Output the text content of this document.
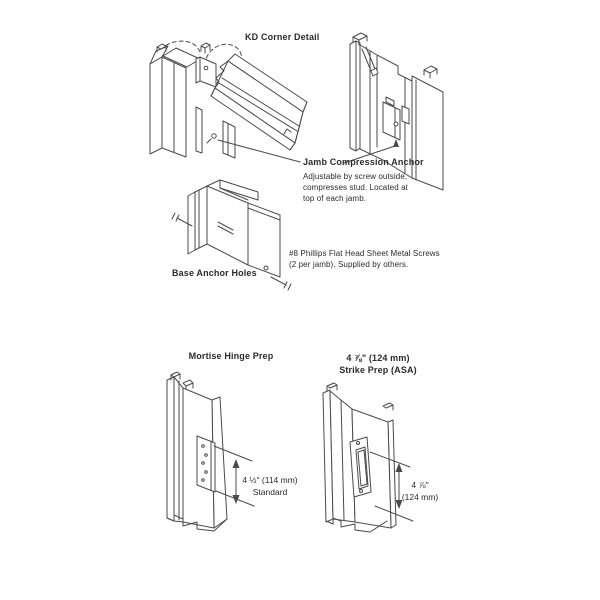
KD Corner Detail
Jamb Compression Anchor
Adjustable by screw outside,
compresses stud. Located at
top of each jamb.
#8 Phillips Flat Head Sheet Metal Screws
(2 per jamb). Supplied by others.
Base Anchor Holes
Mortise Hinge Prep	4 ⅞" (124 mm)
Strike Prep (ASA)
4 ½" (114 mm)
Standard
4 ⅞"
(124 mm)
